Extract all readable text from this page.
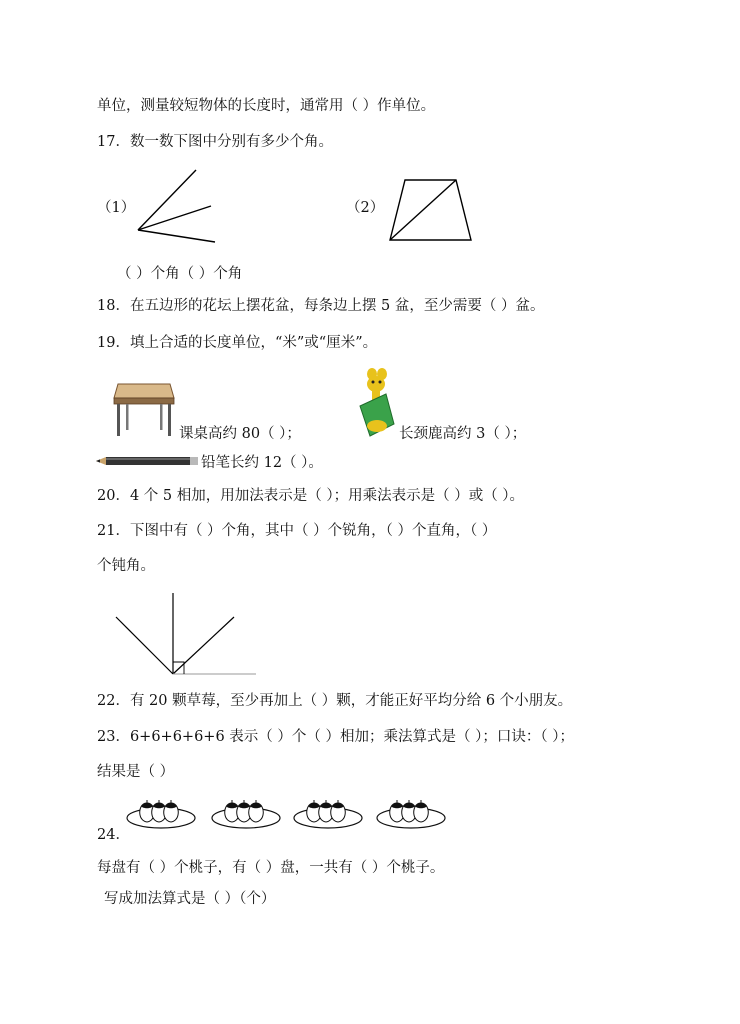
单位，测量较短物体的长度时，通常用（ ）作单位。
17．数一数下图中分别有多少个角。
（1）	（2）
（ ）个角（ ）个角
18．在五边形的花坛上摆花盆，每条边上摆 5 盆，至少需要（ ）盆。
19．填上合适的长度单位，“米”或“厘米”。
课桌高约 80（ ）；	长颈鹿高约 3（ ）；
铅笔长约 12（ ）。
20．4 个 5 相加，用加法表示是（ ）；用乘法表示是（ ）或（ ）。
21．下图中有（ ）个角，其中（ ）个锐角，（ ）个直角，（ ）
个钝角。
22．有 20 颗草莓，至少再加上（ ）颗，才能正好平均分给 6 个小朋友。
23．6+6+6+6+6 表示（ ）个（ ）相加；乘法算式是（ ）；口诀：（ ）；
结果是（ ）
24．
每盘有（ ）个桃子，有（ ）盘，一共有（ ）个桃子。
写成加法算式是（ ）（个）
